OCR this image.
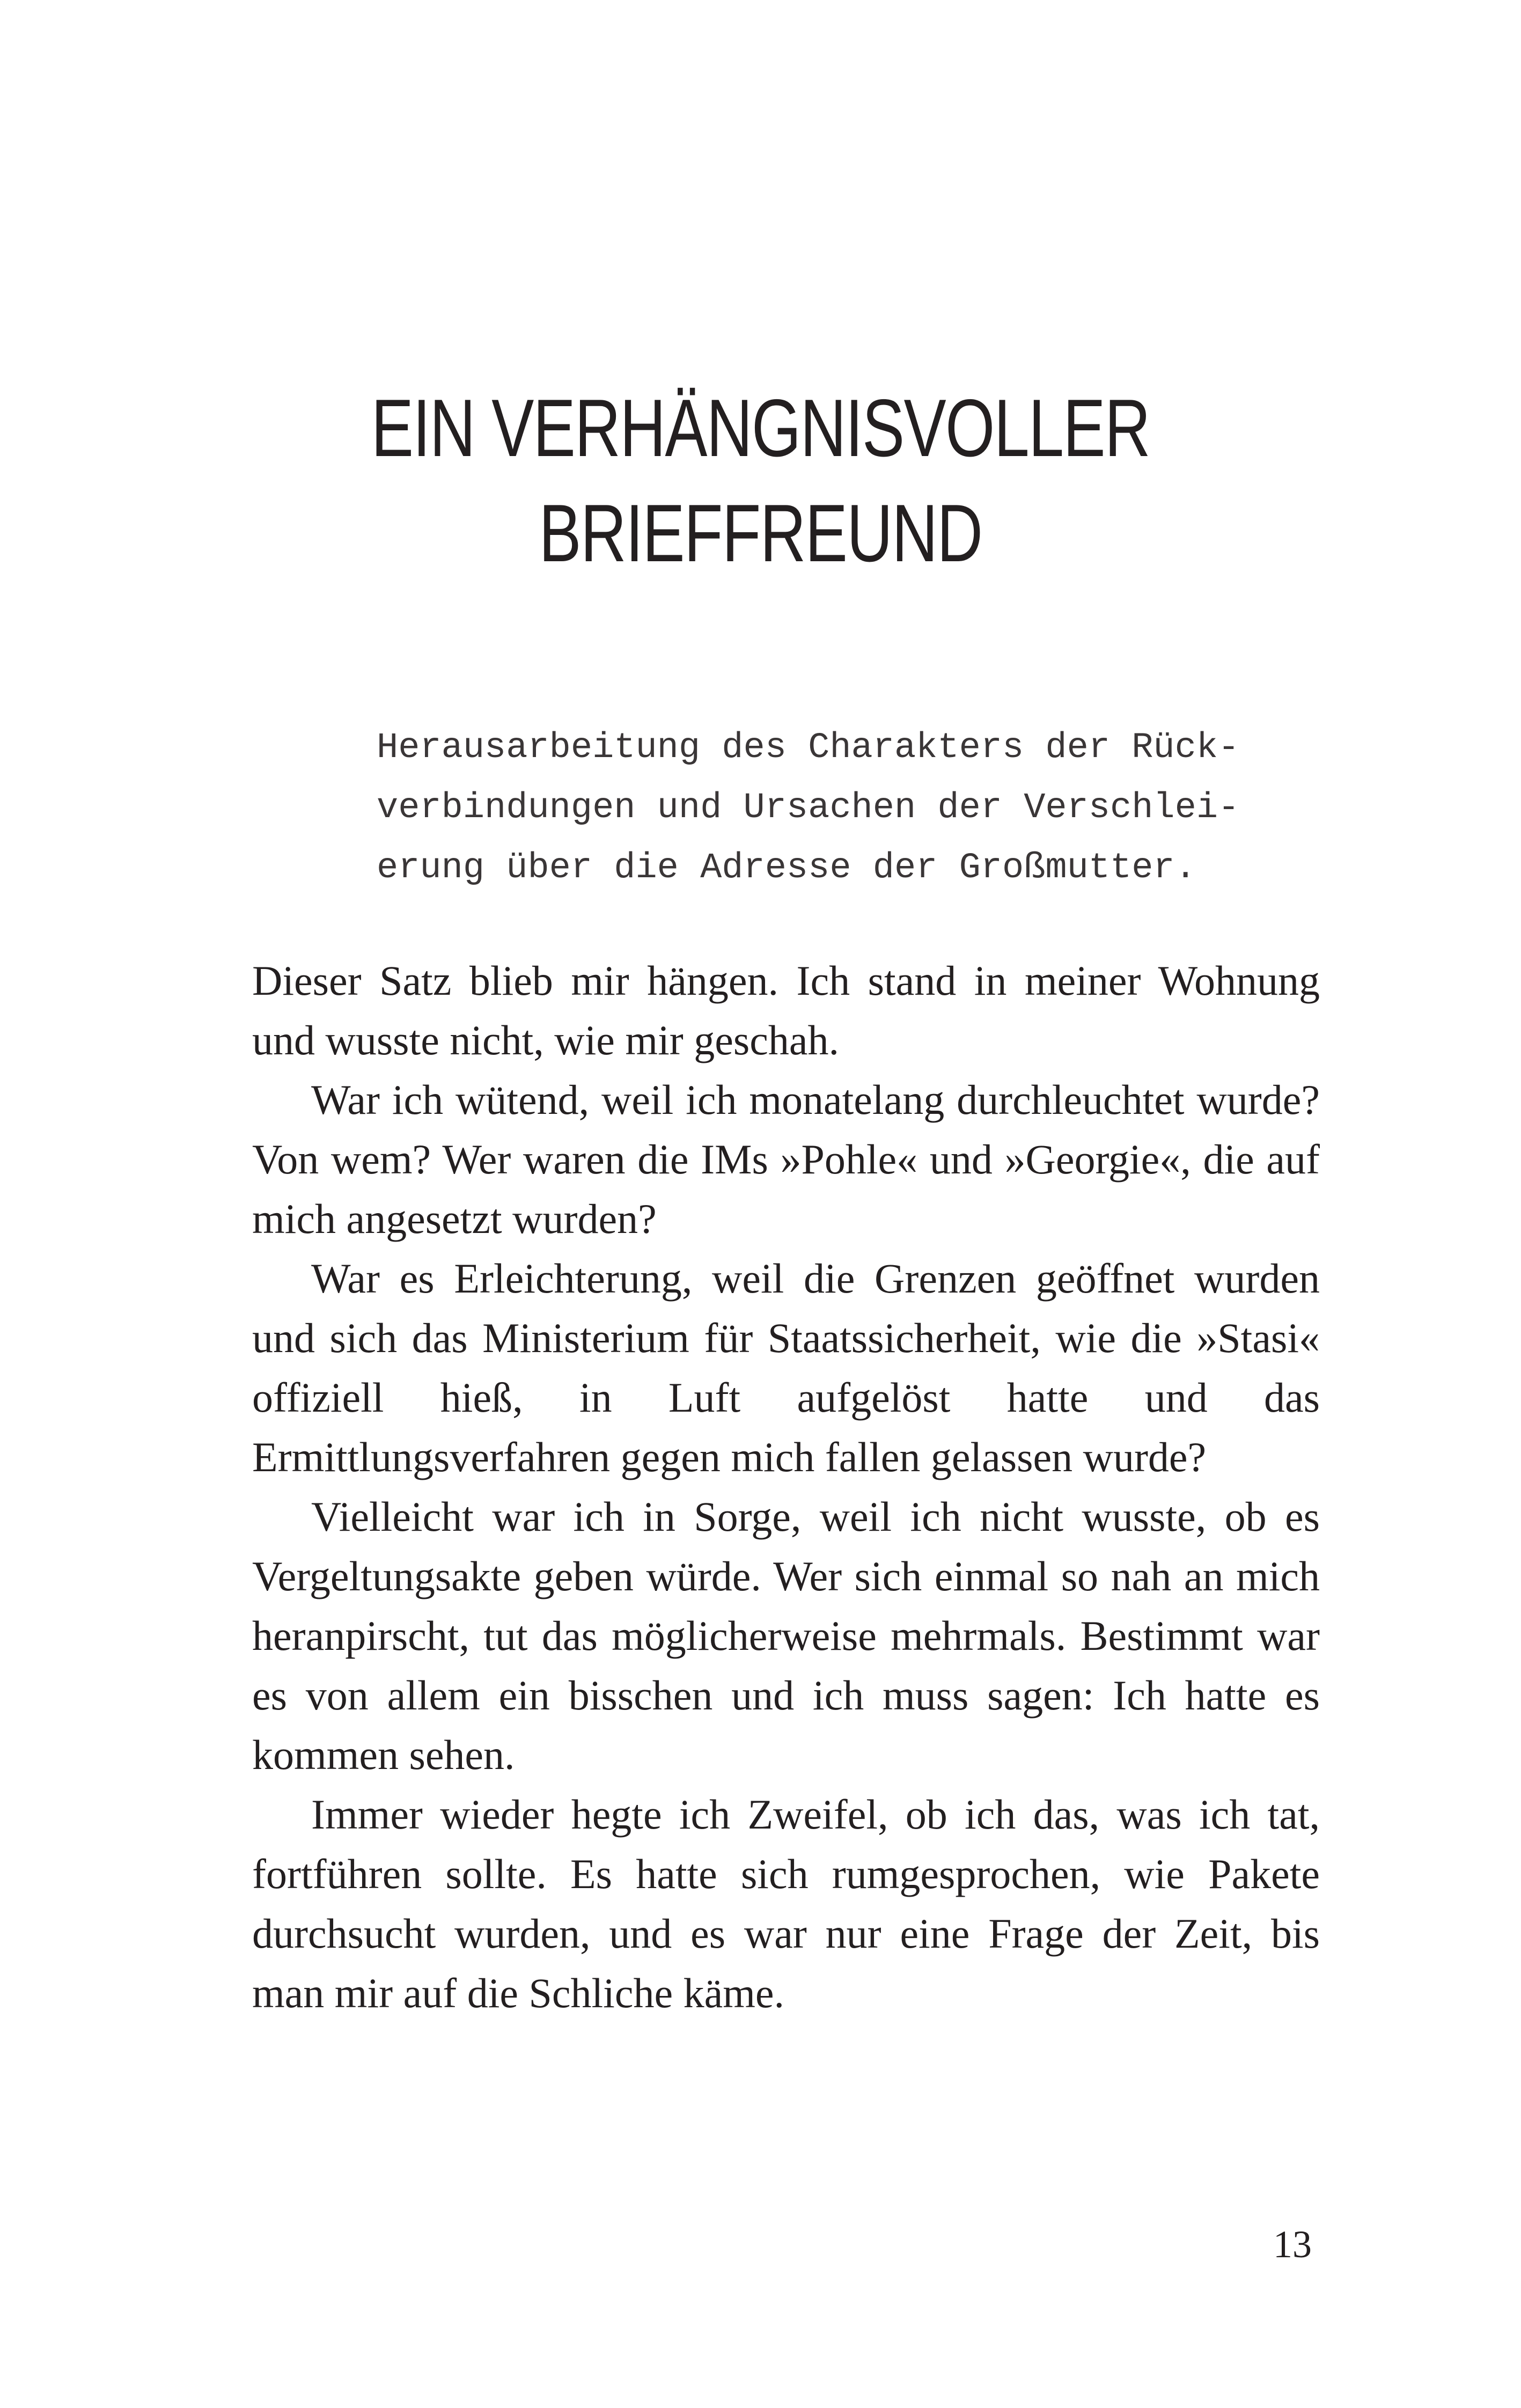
EIN VERHÄNGNISVOLLER
BRIEFFREUND
Herausarbeitung des Charakters der Rück-
verbindungen und Ursachen der Verschlei-
erung über die Adresse der Großmutter.

Dieser Satz blieb mir hängen. Ich stand in meiner Wohnung und wusste nicht, wie mir geschah.

War ich wütend, weil ich monatelang durchleuchtet wurde? Von wem? Wer waren die IMs »Pohle« und »Georgie«, die auf mich angesetzt wurden?

War es Erleichterung, weil die Grenzen geöffnet wurden und sich das Ministerium für Staatssicherheit, wie die »Stasi« offiziell hieß, in Luft aufgelöst hatte und das Ermittlungsverfahren gegen mich fallen gelassen wurde?

Vielleicht war ich in Sorge, weil ich nicht wusste, ob es Vergeltungsakte geben würde. Wer sich einmal so nah an mich heranpirscht, tut das möglicherweise mehrmals. Bestimmt war es von allem ein bisschen und ich muss sagen: Ich hatte es kommen sehen.

Immer wieder hegte ich Zweifel, ob ich das, was ich tat, fortführen sollte. Es hatte sich rumgesprochen, wie Pakete durchsucht wurden, und es war nur eine Frage der Zeit, bis man mir auf die Schliche käme.

13
